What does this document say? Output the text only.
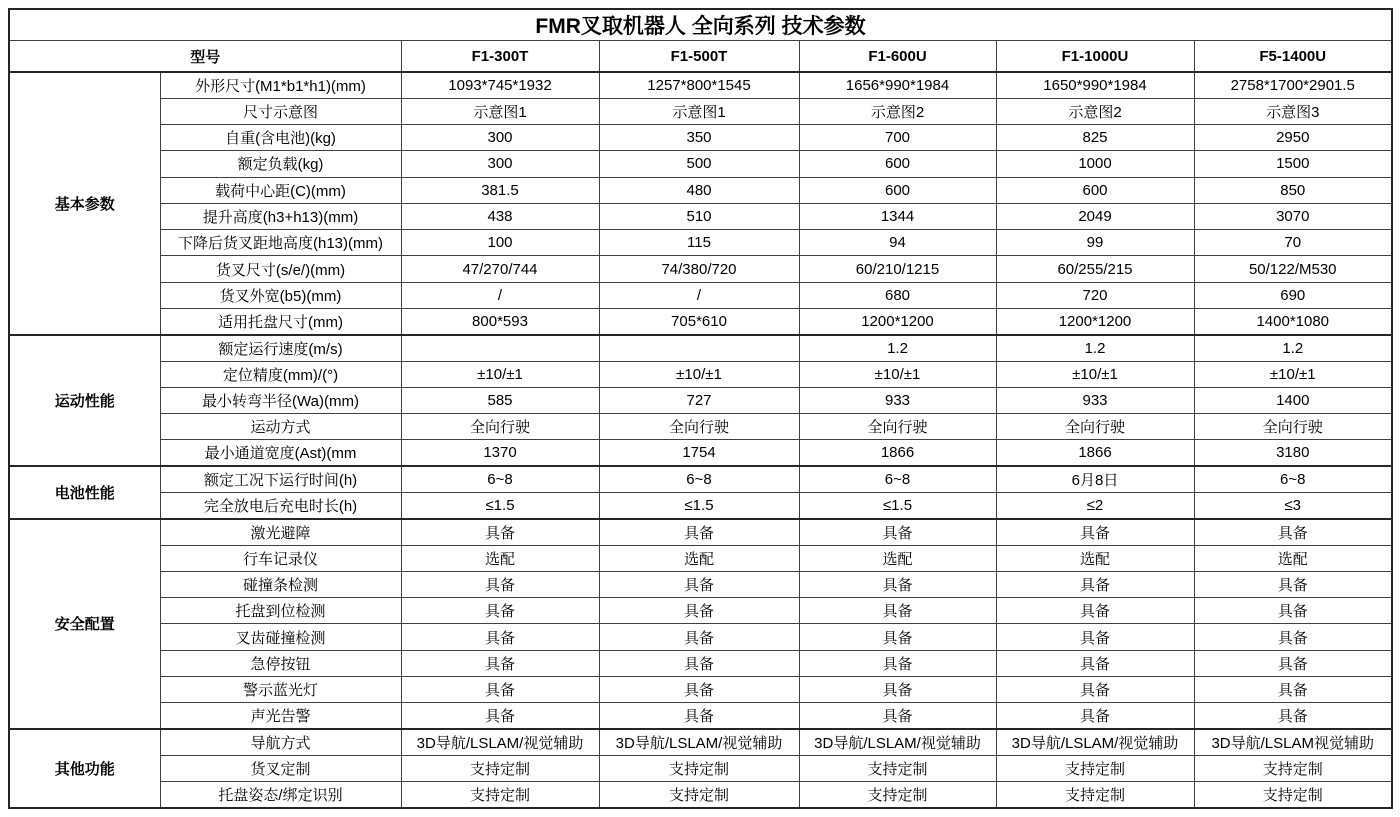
FMR叉取机器人 全向系列 技术参数						
型号		F1-300T	F1-500T	F1-600U	F1-1000U	F5-1400U
基本参数	外形尺寸(M1*b1*h1)(mm)	1093*745*1932	1257*800*1545	1656*990*1984	1650*990*1984	2758*1700*2901.5
	尺寸示意图	示意图1	示意图1	示意图2	示意图2	示意图3
	自重(含电池)(kg)	300	350	700	825	2950
	额定负载(kg)	300	500	600	1000	1500
	载荷中心距(C)(mm)	381.5	480	600	600	850
	提升高度(h3+h13)(mm)	438	510	1344	2049	3070
	下降后货叉距地高度(h13)(mm)	100	115	94	99	70
	货叉尺寸(s/e/)(mm)	47/270/744	74/380/720	60/210/1215	60/255/215	50/122/M530
	货叉外宽(b5)(mm)	/	/	680	720	690
	适用托盘尺寸(mm)	800*593	705*610	1200*1200	1200*1200	1400*1080
运动性能	额定运行速度(m/s)			1.2	1.2	1.2
	定位精度(mm)/(°)	±10/±1	±10/±1	±10/±1	±10/±1	±10/±1
	最小转弯半径(Wa)(mm)	585	727	933	933	1400
	运动方式	全向行驶	全向行驶	全向行驶	全向行驶	全向行驶
	最小通道宽度(Ast)(mm	1370	1754	1866	1866	3180
电池性能	额定工况下运行时间(h)	6~8	6~8	6~8	6月8日	6~8
	完全放电后充电时长(h)	≤1.5	≤1.5	≤1.5	≤2	≤3
安全配置	激光避障	具备	具备	具备	具备	具备
	行车记录仪	选配	选配	选配	选配	选配
	碰撞条检测	具备	具备	具备	具备	具备
	托盘到位检测	具备	具备	具备	具备	具备
	叉齿碰撞检测	具备	具备	具备	具备	具备
	急停按钮	具备	具备	具备	具备	具备
	警示蓝光灯	具备	具备	具备	具备	具备
	声光告警	具备	具备	具备	具备	具备
其他功能	导航方式	3D导航/LSLAM/视觉辅助	3D导航/LSLAM/视觉辅助	3D导航/LSLAM/视觉辅助	3D导航/LSLAM/视觉辅助	3D导航/LSLAM视觉辅助
	货叉定制	支持定制	支持定制	支持定制	支持定制	支持定制
	托盘姿态/绑定识别	支持定制	支持定制	支持定制	支持定制	支持定制
